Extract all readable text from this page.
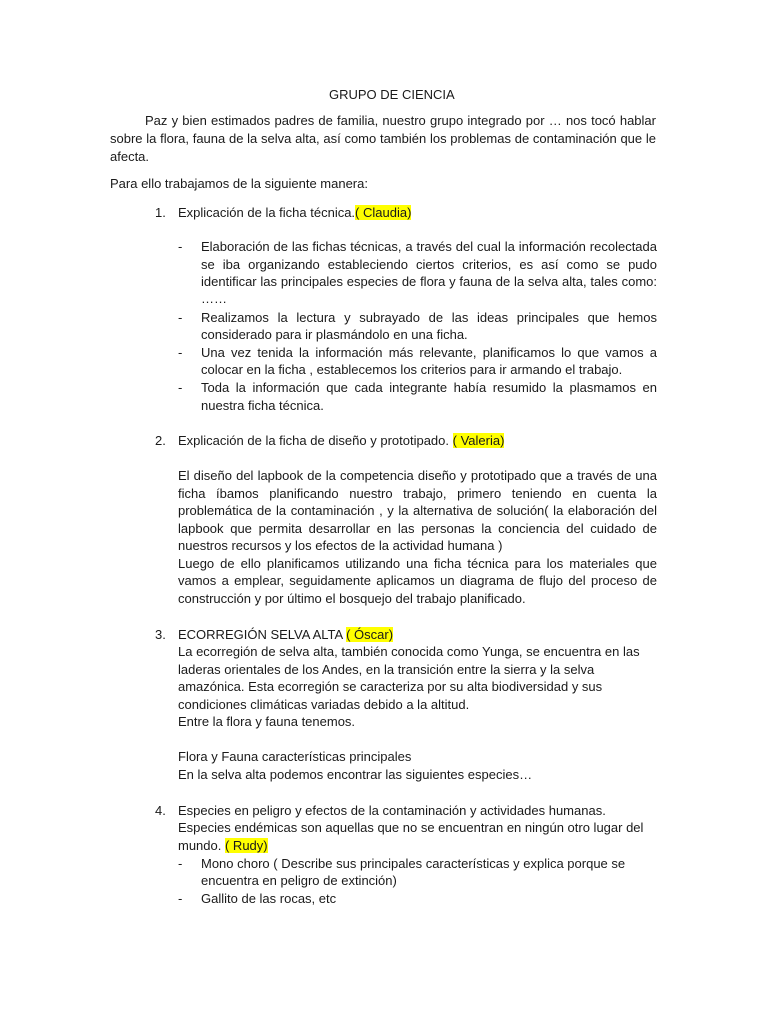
GRUPO DE CIENCIA
Paz y bien estimados padres de familia, nuestro grupo integrado por … nos tocó hablar
sobre la flora, fauna de la selva alta, así como también los problemas de contaminación que le
afecta.
Para ello trabajamos de la siguiente manera:
1. Explicación de la ficha técnica.( Claudia)
- Elaboración de las fichas técnicas, a través del cual la información recolectada
se iba organizando estableciendo ciertos criterios, es así como se pudo
identificar las principales especies de flora y fauna de la selva alta, tales como:
……
- Realizamos la lectura y subrayado de las ideas principales que hemos
considerado para ir plasmándolo en una ficha.
- Una vez tenida la información más relevante, planificamos lo que vamos a
colocar en la ficha , establecemos los criterios para ir armando el trabajo.
- Toda la información que cada integrante había resumido la plasmamos en
nuestra ficha técnica.
2. Explicación de la ficha de diseño y prototipado. ( Valeria)
El diseño del lapbook de la competencia diseño y prototipado que a través de una
ficha íbamos planificando nuestro trabajo, primero teniendo en cuenta la
problemática de la contaminación , y la alternativa de solución( la elaboración del
lapbook que permita desarrollar en las personas la conciencia del cuidado de
nuestros recursos y los efectos de la actividad humana )
Luego de ello planificamos utilizando una ficha técnica para los materiales que
vamos a emplear, seguidamente aplicamos un diagrama de flujo del proceso de
construcción y por último el bosquejo del trabajo planificado.
3. ECORREGIÓN SELVA ALTA ( Óscar)
La ecorregión de selva alta, también conocida como Yunga, se encuentra en las
laderas orientales de los Andes, en la transición entre la sierra y la selva
amazónica. Esta ecorregión se caracteriza por su alta biodiversidad y sus
condiciones climáticas variadas debido a la altitud.
Entre la flora y fauna tenemos.
Flora y Fauna características principales
En la selva alta podemos encontrar las siguientes especies…
4. Especies en peligro y efectos de la contaminación y actividades humanas.
Especies endémicas son aquellas que no se encuentran en ningún otro lugar del
mundo. ( Rudy)
- Mono choro ( Describe sus principales características y explica porque se
encuentra en peligro de extinción)
- Gallito de las rocas, etc
